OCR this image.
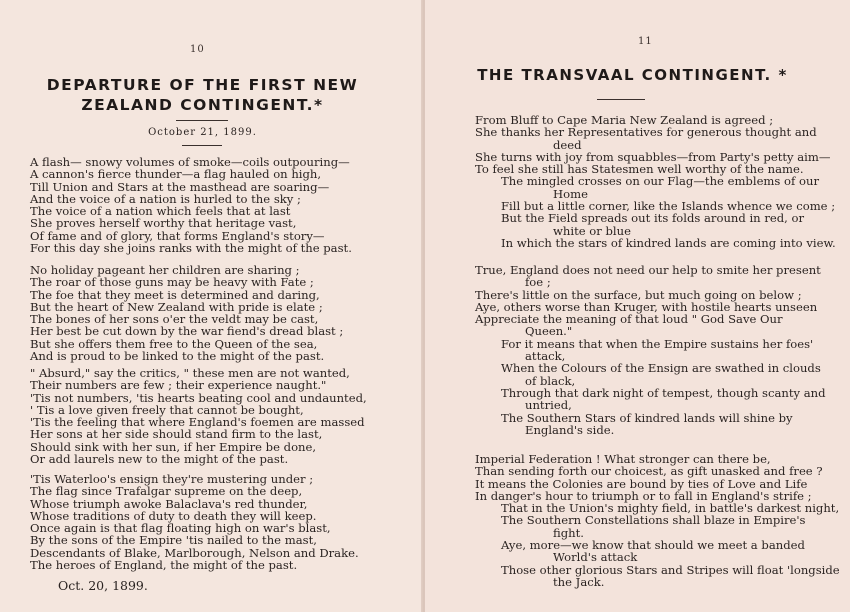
10
DEPARTURE OF THE FIRST NEW
ZEALAND CONTINGENT.*
October 21, 1899.
A flash— snowy volumes of smoke—coils outpouring—
A cannon's fierce thunder—a flag hauled on high,
Till Union and Stars at the masthead are soaring—
And the voice of a nation is hurled to the sky ;
The voice of a nation which feels that at last
She proves herself worthy that heritage vast,
Of fame and of glory, that forms England's story—
For this day she joins ranks with the might of the past.
No holiday pageant her children are sharing ;
The roar of those guns may be heavy with Fate ;
The foe that they meet is determined and daring,
But the heart of New Zealand with pride is elate ;
The bones of her sons o'er the veldt may be cast,
Her best be cut down by the war fiend's dread blast ;
But she offers them free to the Queen of the sea,
And is proud to be linked to the might of the past.
" Absurd," say the critics, " these men are not wanted,
Their numbers are few ; their experience naught."
'Tis not numbers, 'tis hearts beating cool and undaunted,
' Tis a love given freely that cannot be bought,
'Tis the feeling that where England's foemen are massed
Her sons at her side should stand firm to the last,
Should sink with her sun, if her Empire be done,
Or add laurels new to the might of the past.
'Tis Waterloo's ensign they're mustering under ;
The flag since Trafalgar supreme on the deep,
Whose triumph awoke Balaclava's red thunder,
Whose traditions of duty to death they will keep.
Once again is that flag floating high on war's blast,
By the sons of the Empire 'tis nailed to the mast,
Descendants of Blake, Marlborough, Nelson and Drake.
The heroes of England, the might of the past.
Oct. 20, 1899.
11
THE TRANSVAAL CONTINGENT. *
From Bluff to Cape Maria New Zealand is agreed ;
She thanks her Representatives for generous thought and
deed
She turns with joy from squabbles—from Party's petty aim—
To feel she still has Statesmen well worthy of the name.
The mingled crosses on our Flag—the emblems of our
Home
Fill but a little corner, like the Islands whence we come ;
But the Field spreads out its folds around in red, or
white or blue
In which the stars of kindred lands are coming into view.
True, England does not need our help to smite her present
foe ;
There's little on the surface, but much going on below ;
Aye, others worse than Kruger, with hostile hearts unseen
Appreciate the meaning of that loud " God Save Our
Queen."
For it means that when the Empire sustains her foes'
attack,
When the Colours of the Ensign are swathed in clouds
of black,
Through that dark night of tempest, though scanty and
untried,
The Southern Stars of kindred lands will shine by
England's side.
Imperial Federation ! What stronger can there be,
Than sending forth our choicest, as gift unasked and free ?
It means the Colonies are bound by ties of Love and Life
In danger's hour to triumph or to fall in England's strife ;
That in the Union's mighty field, in battle's darkest night,
The Southern Constellations shall blaze in Empire's
fight.
Aye, more—we know that should we meet a banded
World's attack
Those other glorious Stars and Stripes will float 'longside
the Jack.
